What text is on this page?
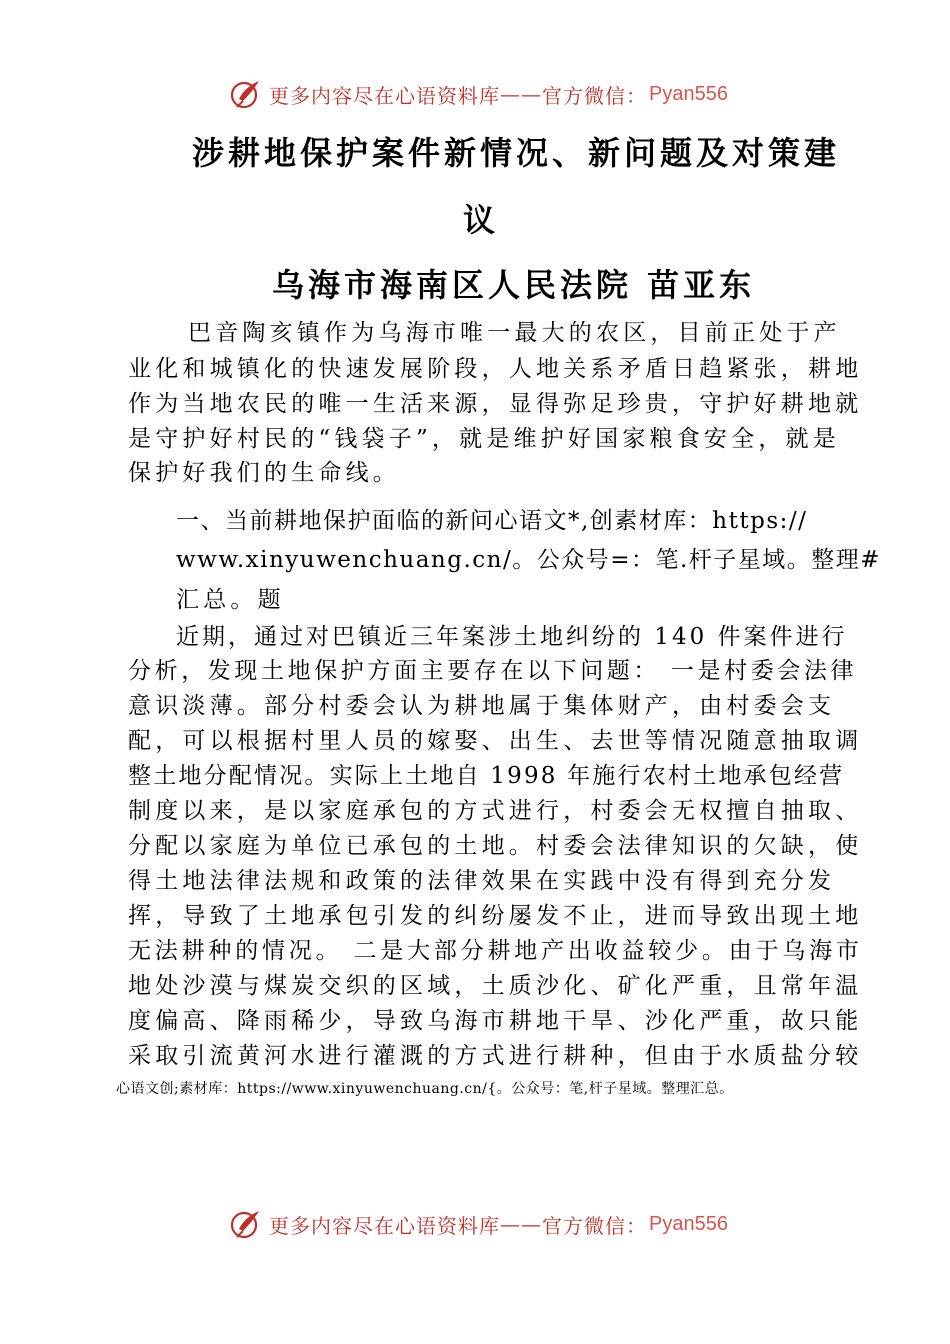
更多内容尽在心语资料库 —— 官方微信： Pyan556
涉耕地保护案件新情况、新问题及对策建
议
乌海市海南区人民法院 苗亚东
巴音陶亥镇作为乌海市唯一最大的农区，目前正处于产
业化和城镇化的快速发展阶段，人地关系矛盾日趋紧张，耕地
作为当地农民的唯一生活来源，显得弥足珍贵，守护好耕地就
是守护好村民的“钱袋子”，就是维护好国家粮食安全，就是
保护好我们的生命线。
一、当前耕地保护面临的新问心语文*,创素材库：https://
www.xinyuwenchuang.cn/。公众号=：笔.杆子星域。整理#
汇总。题
近期，通过对巴镇近三年案涉土地纠纷的 140 件案件进行
分析，发现土地保护方面主要存在以下问题： 一是村委会法律
意识淡薄。部分村委会认为耕地属于集体财产，由村委会支
配，可以根据村里人员的嫁娶、出生、去世等情况随意抽取调
整土地分配情况。实际上土地自 1998 年施行农村土地承包经营
制度以来，是以家庭承包的方式进行，村委会无权擅自抽取、
分配以家庭为单位已承包的土地。村委会法律知识的欠缺，使
得土地法律法规和政策的法律效果在实践中没有得到充分发
挥，导致了土地承包引发的纠纷屡发不止，进而导致出现土地
无法耕种的情况。 二是大部分耕地产出收益较少。由于乌海市
地处沙漠与煤炭交织的区域，土质沙化、矿化严重，且常年温
度偏高、降雨稀少，导致乌海市耕地干旱、沙化严重，故只能
采取引流黄河水进行灌溉的方式进行耕种，但由于水质盐分较
心语文创;素材库：https://www.xinyuwenchuang.cn/{。公众号：笔,杆子星域。整理汇总。
更多内容尽在心语资料库 —— 官方微信： Pyan556
